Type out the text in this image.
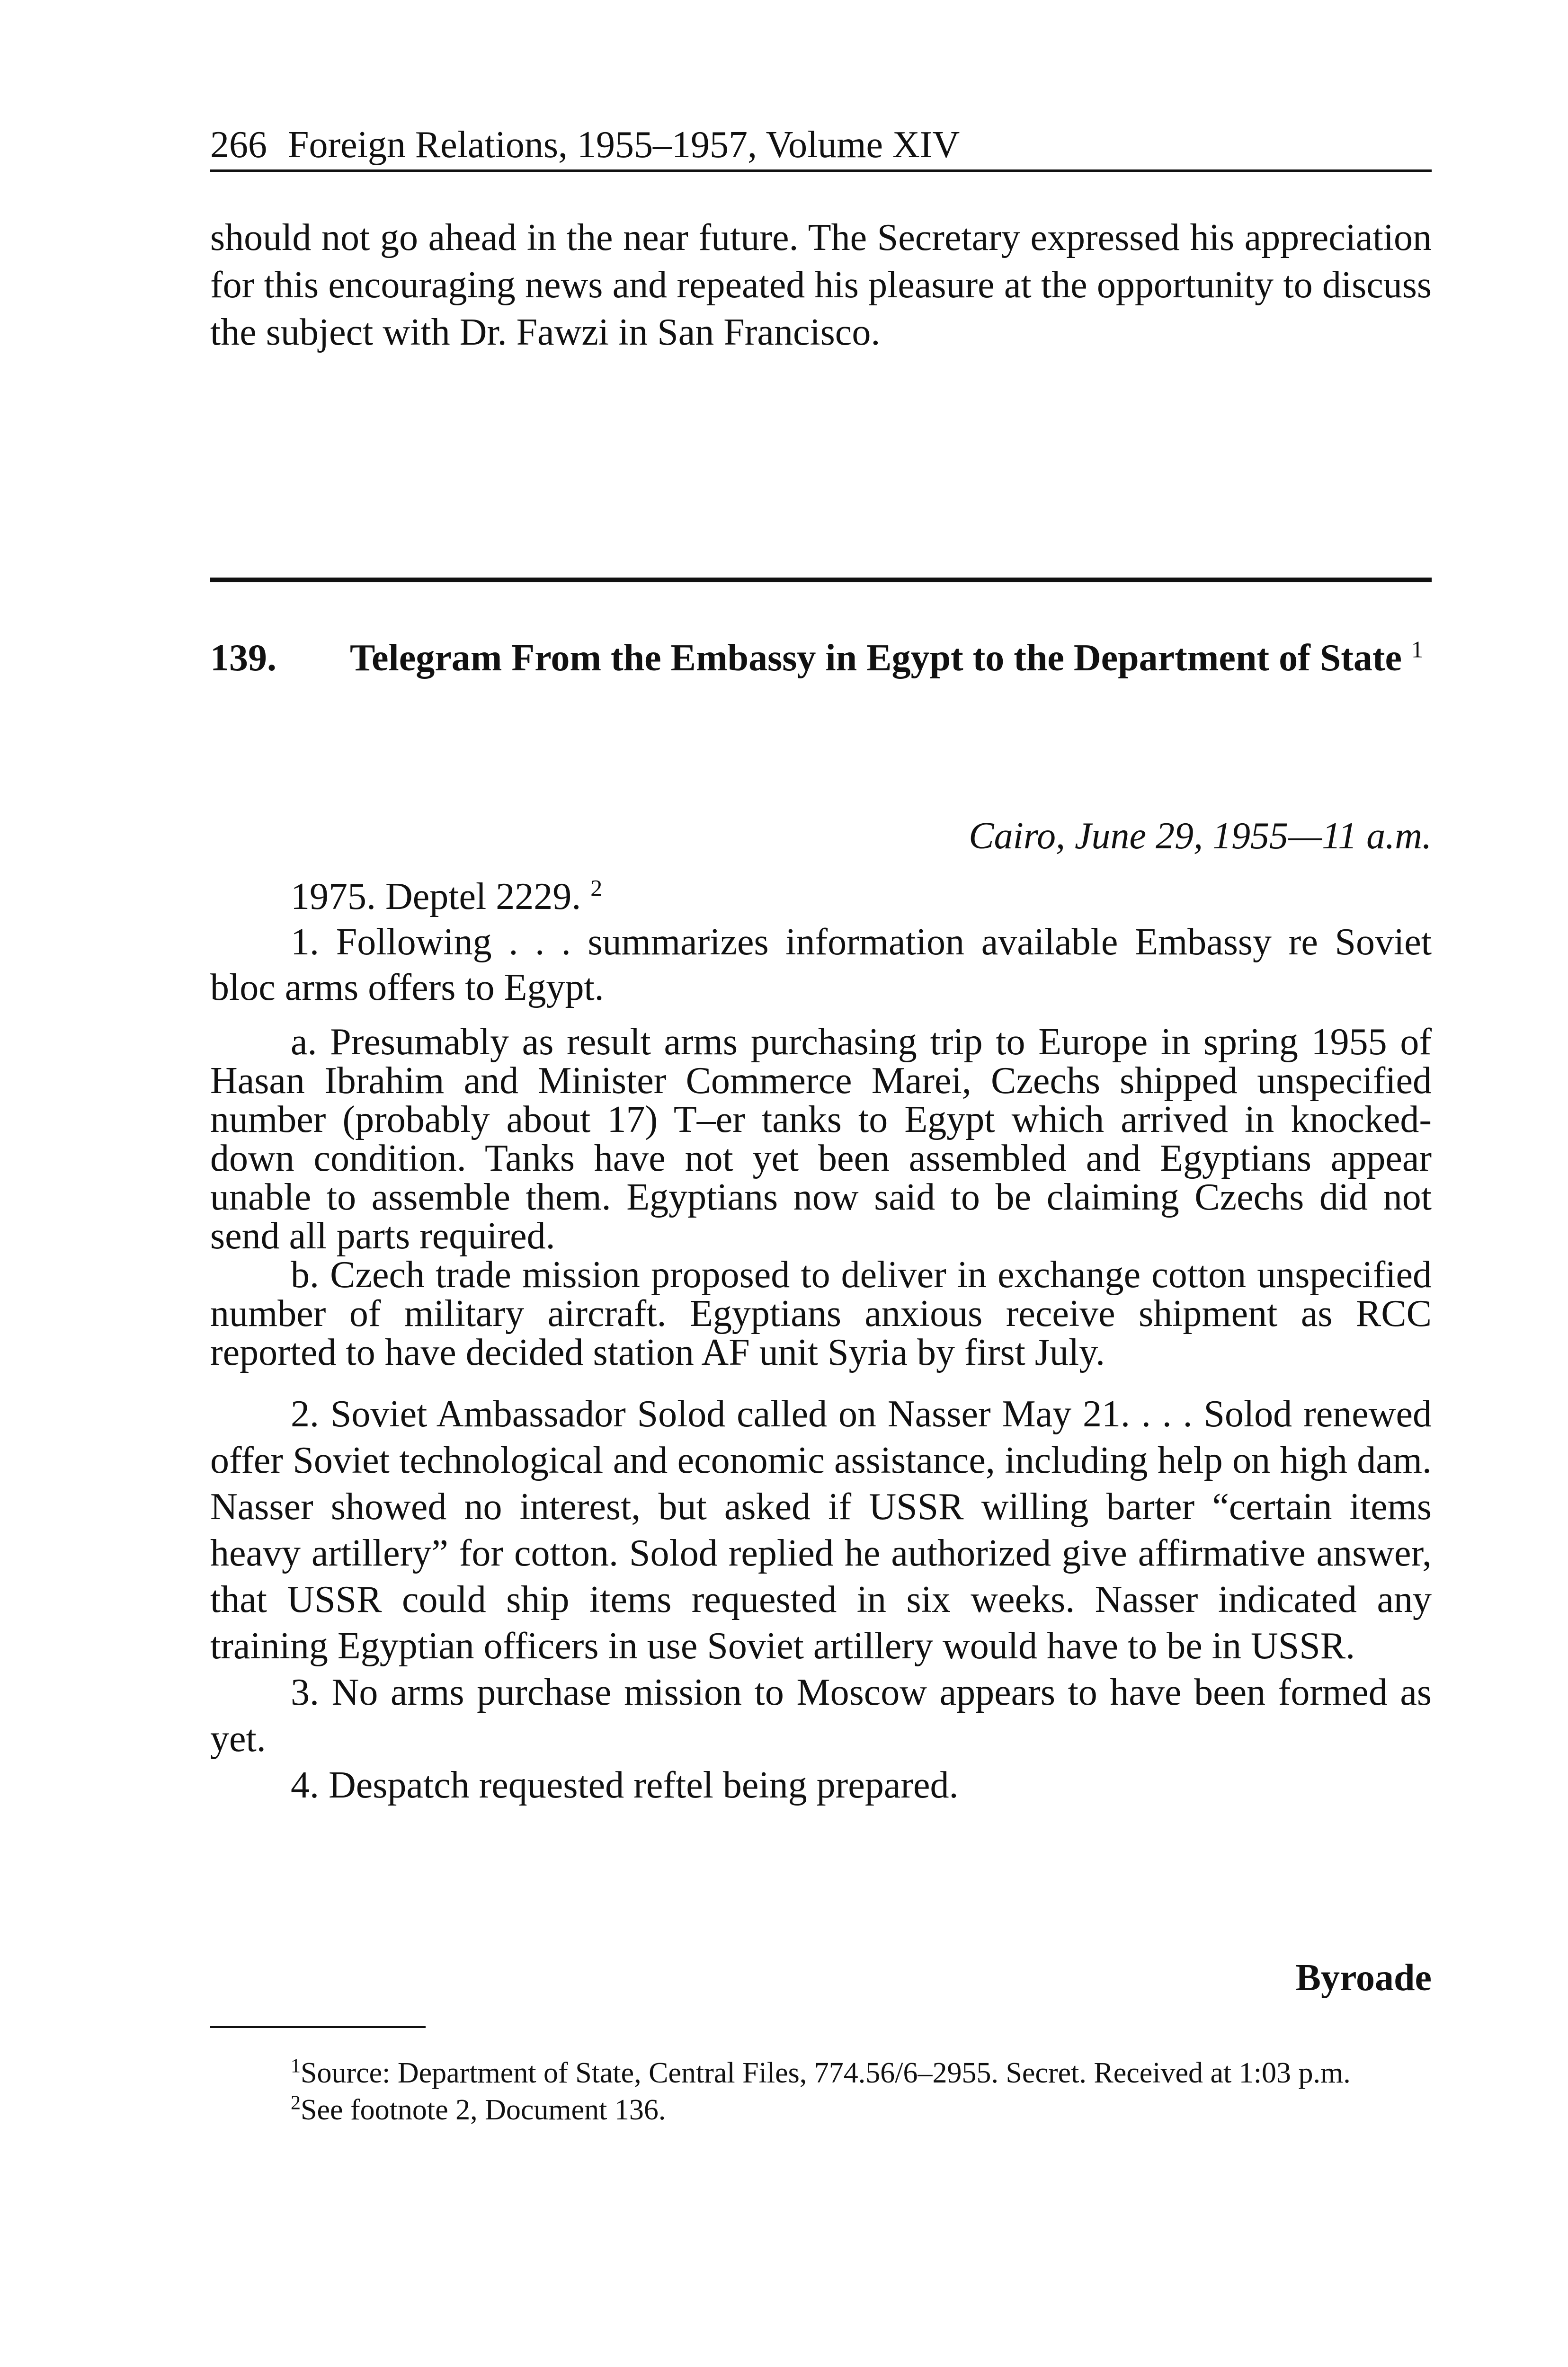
266 Foreign Relations, 1955–1957, Volume XIV

should not go ahead in the near future. The Secretary expressed his appreciation for this encouraging news and repeated his pleasure at the opportunity to discuss the subject with Dr. Fawzi in San Francisco.

139.	Telegram From the Embassy in Egypt to the Department of State $^1$
Cairo, June 29, 1955—11 a.m.

1975. Deptel 2229. $^2$

1. Following . . . summarizes information available Embassy re Soviet bloc arms offers to Egypt.

a. Presumably as result arms purchasing trip to Europe in spring 1955 of Hasan Ibrahim and Minister Commerce Marei, Czechs shipped unspecified number (probably about 17) T–er tanks to Egypt which arrived in knocked-down condition. Tanks have not yet been assembled and Egyptians appear unable to assemble them. Egyptians now said to be claiming Czechs did not send all parts required.

b. Czech trade mission proposed to deliver in exchange cotton unspecified number of military aircraft. Egyptians anxious receive shipment as RCC reported to have decided station AF unit Syria by first July.

2. Soviet Ambassador Solod called on Nasser May 21. . . . Solod renewed offer Soviet technological and economic assistance, including help on high dam. Nasser showed no interest, but asked if USSR willing barter “certain items heavy artillery” for cotton. Solod replied he authorized give affirmative answer, that USSR could ship items requested in six weeks. Nasser indicated any training Egyptian officers in use Soviet artillery would have to be in USSR.

3. No arms purchase mission to Moscow appears to have been formed as yet.

4. Despatch requested reftel being prepared.

Byroade

$^1$Source: Department of State, Central Files, 774.56/6–2955. Secret. Received at 1:03 p.m.

$^2$See footnote 2, Document 136.
